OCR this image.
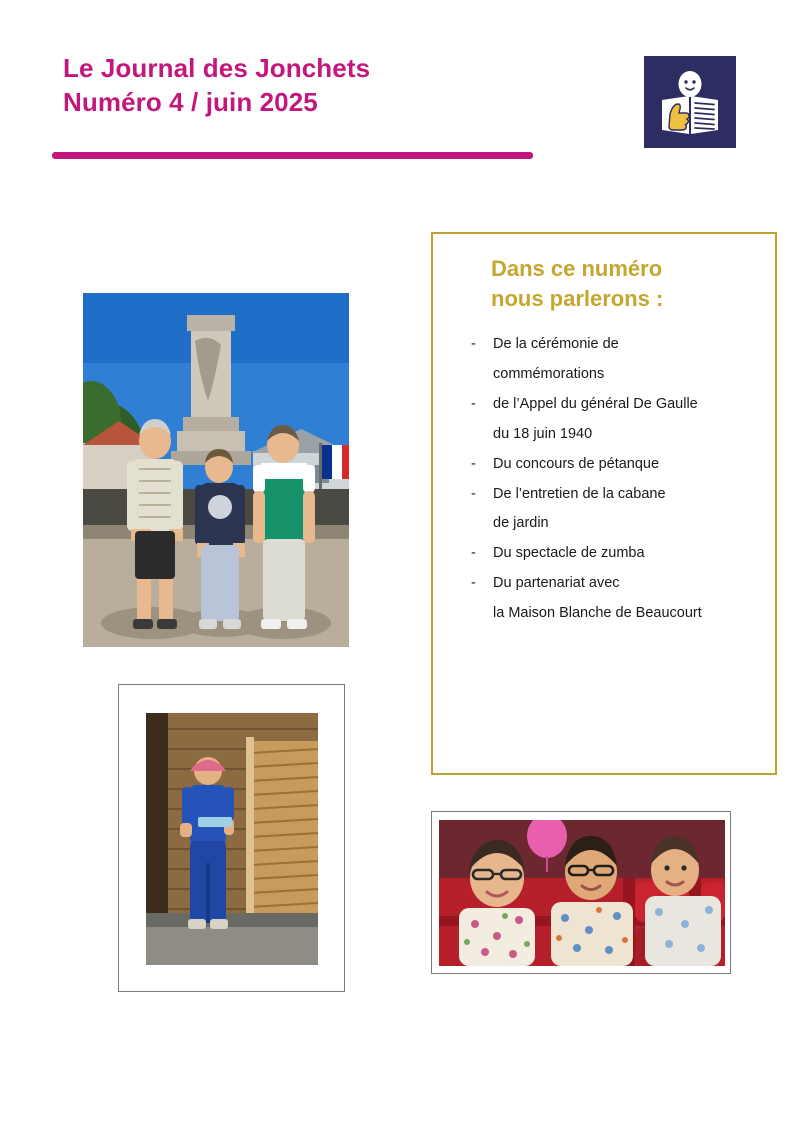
Le Journal des Jonchets
Numéro 4 / juin 2025
Dans ce numéro
nous parlerons :
-	De la cérémonie de
commémorations
-	de l’Appel du général De Gaulle
du 18 juin 1940
-	Du concours de pétanque
-	De l’entretien de la cabane
de jardin
-	Du spectacle de zumba
-	Du partenariat avec
la Maison Blanche de Beaucourt
